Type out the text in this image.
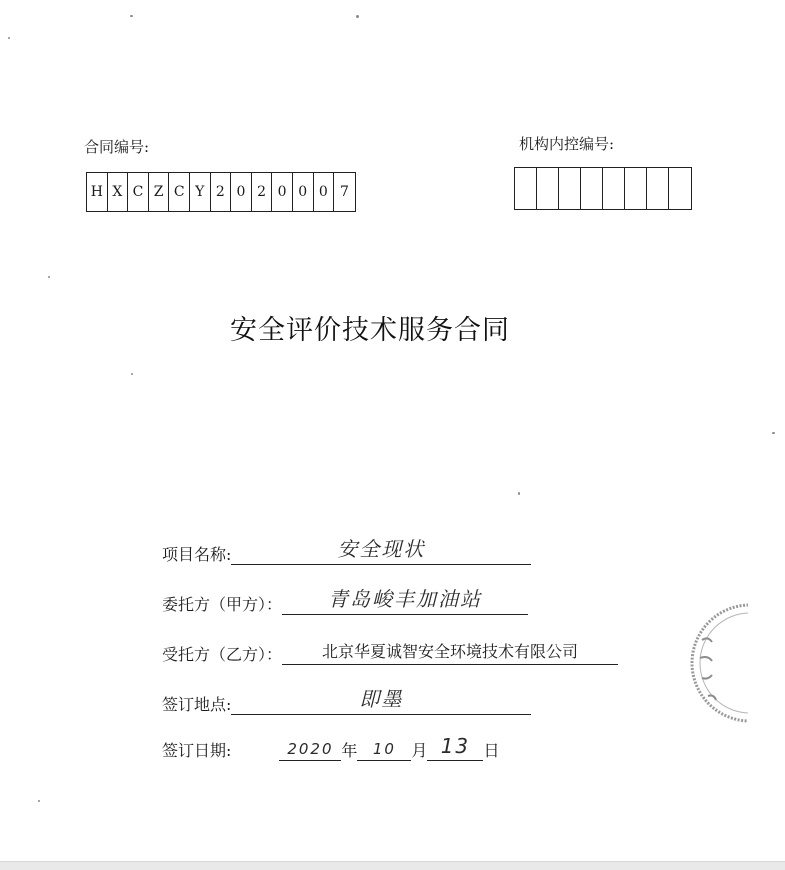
合同编号:
H X C Z C Y 2 0 2 0 0 0 7
机构内控编号:
安全评价技术服务合同
项目名称:	安全现状
委托方（甲方）： 青岛峻丰加油站
受托方（乙方）： 北京华夏诚智安全环境技术有限公司
签订地点:	即墨
签订日期:	2020 年 10 月 13 日
